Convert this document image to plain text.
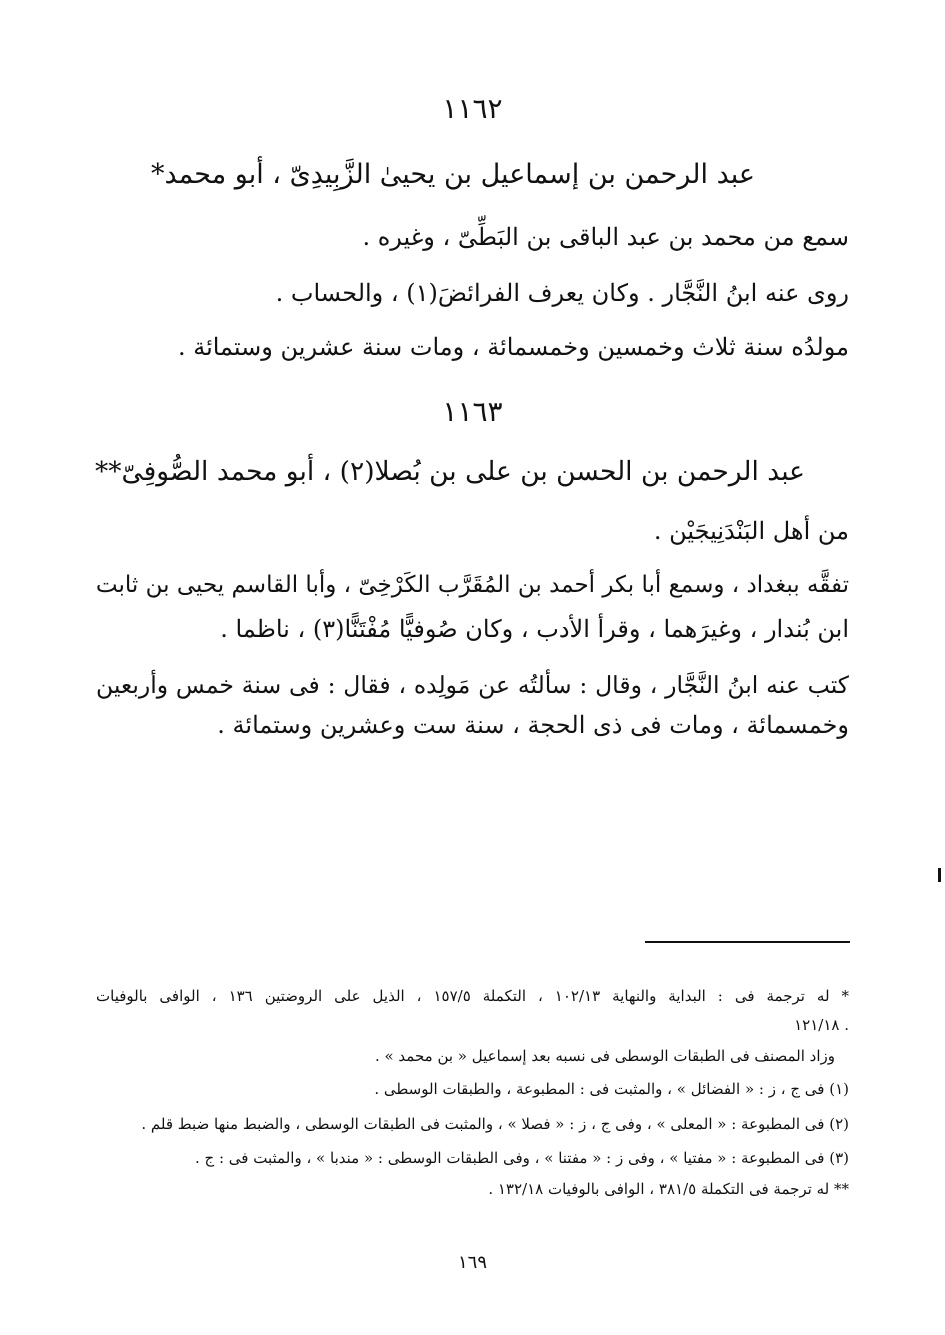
١١٦٢
عبد الرحمن بن إسماعيل بن يحيىٰ الزَّبِيدِىّ ، أبو محمد*
سمع من محمد بن عبد الباقى بن البَطِّىّ ، وغيره .
روى عنه ابنُ النَّجَّار . وكان يعرف الفرائضَ(١) ، والحساب .
مولدُه سنة ثلاث وخمسين وخمسمائة ، ومات سنة عشرين وستمائة .
١١٦٣
عبد الرحمن بن الحسن بن على بن بُصلا(٢) ، أبو محمد الصُّوفِىّ**
من أهل البَنْدَنِيجَيْن .
تفقَّه ببغداد ، وسمع أبا بكر أحمد بن المُقَرَّب الكَرْخِىّ ، وأبا القاسم يحيى بن ثابت
ابن بُندار ، وغيرَهما ، وقرأ الأدب ، وكان صُوفيًّا مُفْتَنًّا(٣) ، ناظما .
كتب عنه ابنُ النَّجَّار ، وقال : سألتُه عن مَولِده ، فقال : فى سنة خمس وأربعين
وخمسمائة ، ومات فى ذى الحجة ، سنة ست وعشرين وستمائة .
* له ترجمة فى : البداية والنهاية ١٠٢/١٣ ، التكملة ١٥٧/٥ ، الذيل على الروضتين ١٣٦ ، الوافى بالوفيات
١٢١/١٨ .
وزاد المصنف فى الطبقات الوسطى فى نسبه بعد إسماعيل « بن محمد » .
(١) فى ج ، ز : « الفضائل » ، والمثبت فى : المطبوعة ، والطبقات الوسطى .
(٢) فى المطبوعة : « المعلى » ، وفى ج ، ز : « فصلا » ، والمثبت فى الطبقات الوسطى ، والضبط منها ضبط قلم .
(٣) فى المطبوعة : « مفتيا » ، وفى ز : « مفتنا » ، وفى الطبقات الوسطى : « مندبا » ، والمثبت فى : ج .
** له ترجمة فى التكملة ٣٨١/٥ ، الوافى بالوفيات ١٣٢/١٨ .
١٦٩
